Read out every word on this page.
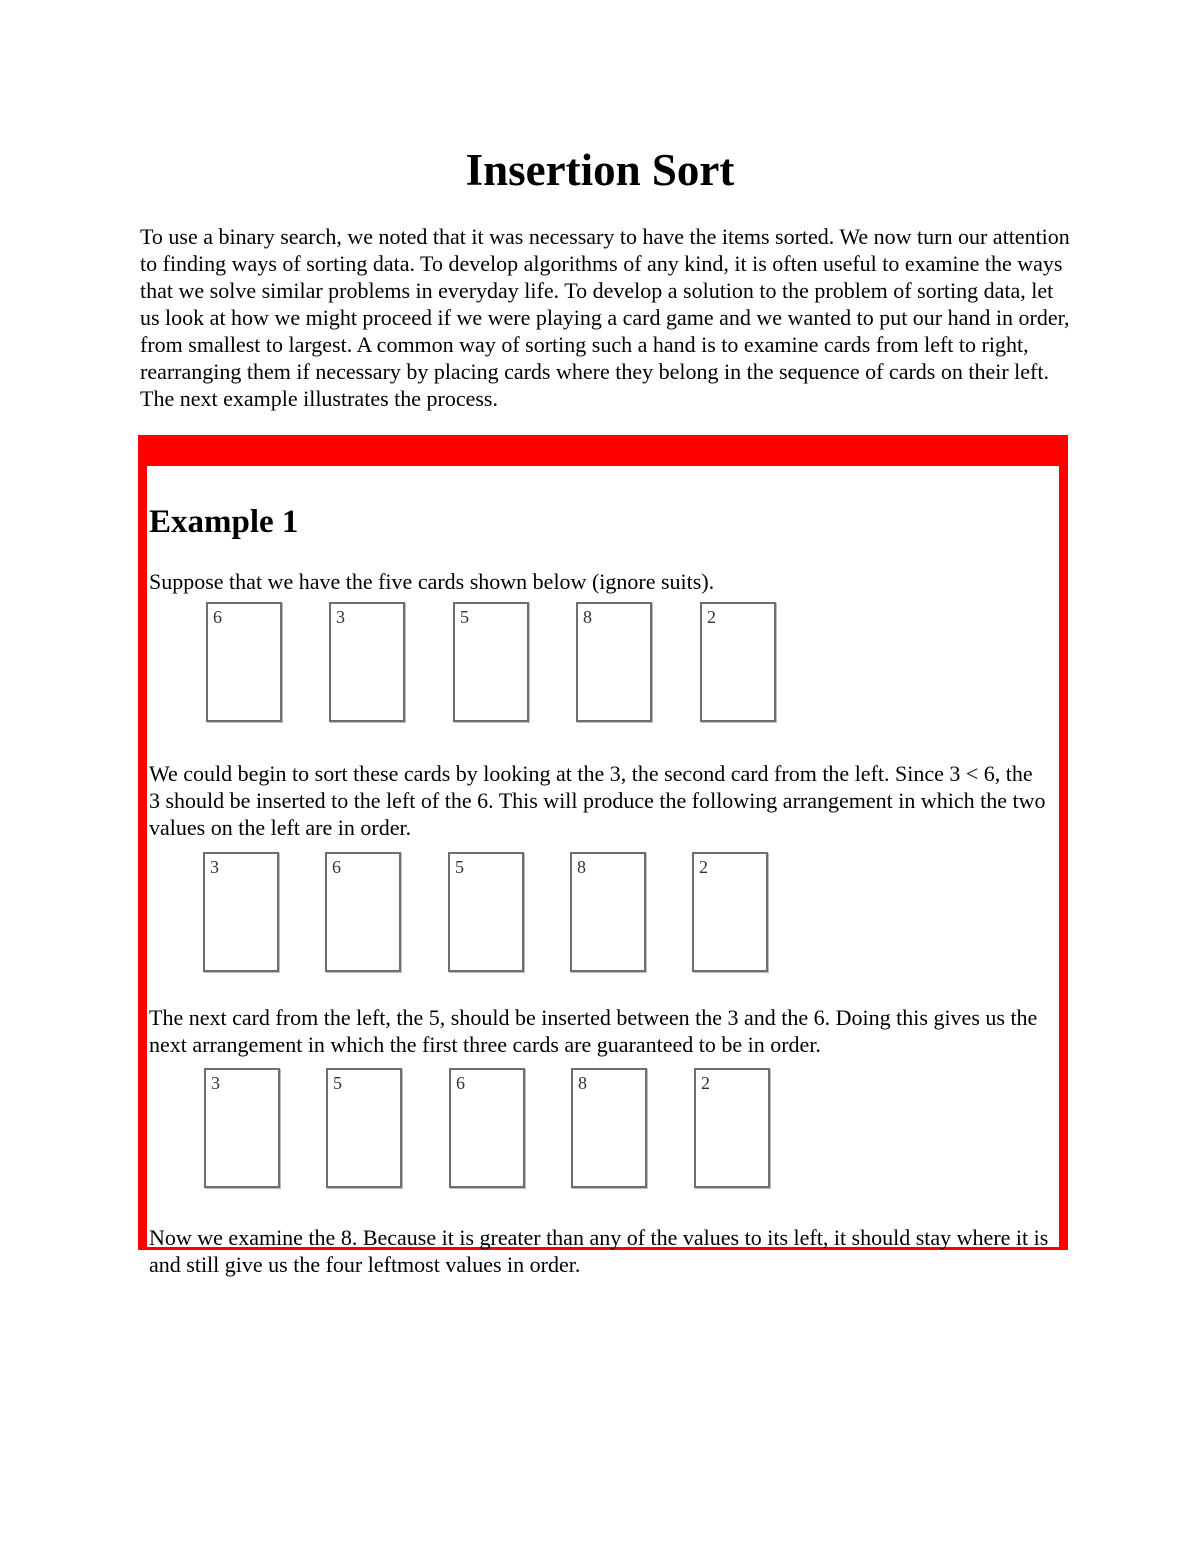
Insertion Sort

To use a binary search, we noted that it was necessary to have the items sorted. We now turn our attention to finding ways of sorting data. To develop algorithms of any kind, it is often useful to examine the ways that we solve similar problems in everyday life. To develop a solution to the problem of sorting data, let us look at how we might proceed if we were playing a card game and we wanted to put our hand in order, from smallest to largest. A common way of sorting such a hand is to examine cards from left to right, rearranging them if necessary by placing cards where they belong in the sequence of cards on their left. The next example illustrates the process.

Example 1

Suppose that we have the five cards shown below (ignore suits).

6	3	5	8	2

We could begin to sort these cards by looking at the 3, the second card from the left. Since 3 < 6, the 3 should be inserted to the left of the 6. This will produce the following arrangement in which the two values on the left are in order.

3	6	5	8	2

The next card from the left, the 5, should be inserted between the 3 and the 6. Doing this gives us the next arrangement in which the first three cards are guaranteed to be in order.

3	5	6	8	2

Now we examine the 8. Because it is greater than any of the values to its left, it should stay where it is and still give us the four leftmost values in order.
